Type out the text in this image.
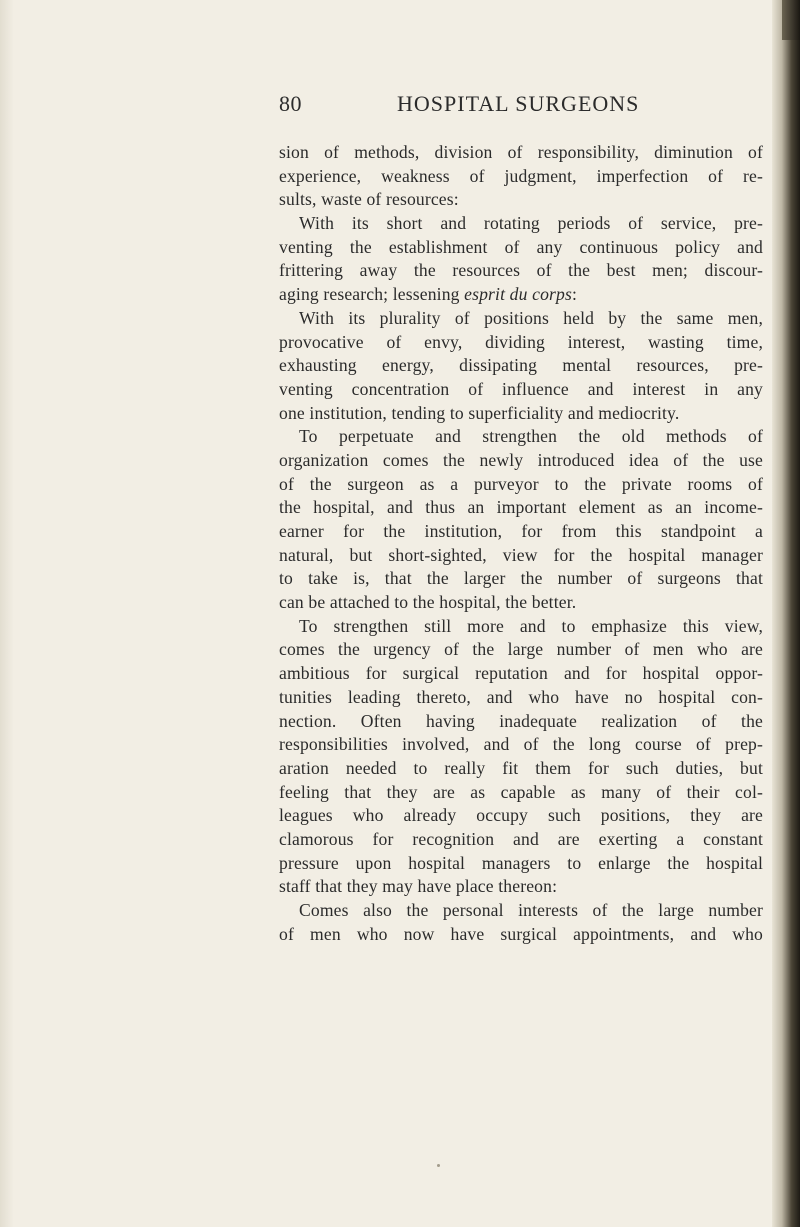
80	HOSPITAL SURGEONS
sion of methods, division of responsibility, diminution of
experience, weakness of judgment, imperfection of re-
sults, waste of resources:
With its short and rotating periods of service, pre-
venting the establishment of any continuous policy and
frittering away the resources of the best men; discour-
aging research; lessening esprit du corps:
With its plurality of positions held by the same men,
provocative of envy, dividing interest, wasting time,
exhausting energy, dissipating mental resources, pre-
venting concentration of influence and interest in any
one institution, tending to superficiality and mediocrity.
To perpetuate and strengthen the old methods of
organization comes the newly introduced idea of the use
of the surgeon as a purveyor to the private rooms of
the hospital, and thus an important element as an income-
earner for the institution, for from this standpoint a
natural, but short-sighted, view for the hospital manager
to take is, that the larger the number of surgeons that
can be attached to the hospital, the better.
To strengthen still more and to emphasize this view,
comes the urgency of the large number of men who are
ambitious for surgical reputation and for hospital oppor-
tunities leading thereto, and who have no hospital con-
nection. Often having inadequate realization of the
responsibilities involved, and of the long course of prep-
aration needed to really fit them for such duties, but
feeling that they are as capable as many of their col-
leagues who already occupy such positions, they are
clamorous for recognition and are exerting a constant
pressure upon hospital managers to enlarge the hospital
staff that they may have place thereon:
Comes also the personal interests of the large number
of men who now have surgical appointments, and who
